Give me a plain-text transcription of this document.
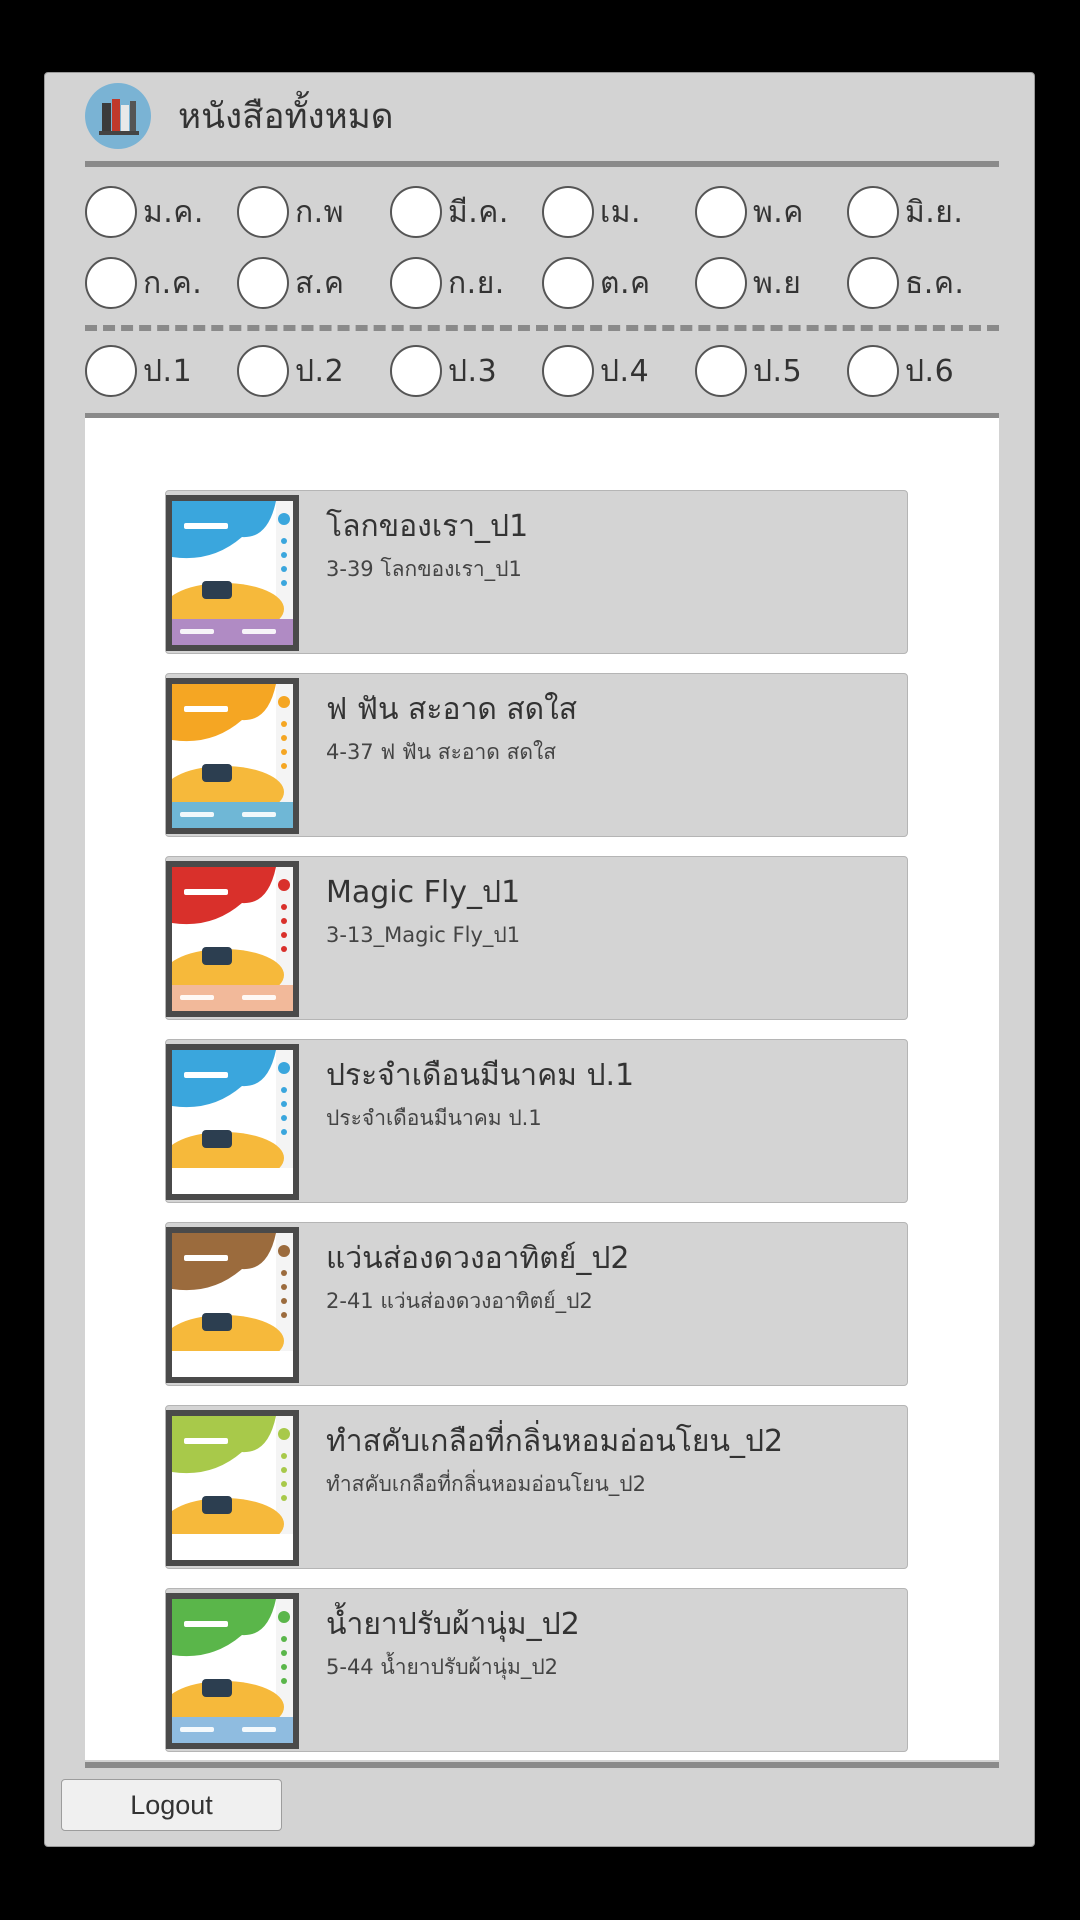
หนังสือทั้งหมด
ม.ค.	ก.พ	มี.ค.	เม.	พ.ค	มิ.ย.
ก.ค.	ส.ค	ก.ย.	ต.ค	พ.ย	ธ.ค.
ป.1	ป.2	ป.3	ป.4	ป.5	ป.6
โลกของเรา_ป1
3-39 โลกของเรา_ป1
ฟ ฟัน สะอาด สดใส
4-37 ฟ ฟัน สะอาด สดใส
Magic Fly_ป1
3-13_Magic Fly_ป1
ประจำเดือนมีนาคม ป.1
ประจำเดือนมีนาคม ป.1
แว่นส่องดวงอาทิตย์_ป2
2-41 แว่นส่องดวงอาทิตย์_ป2
ทำสคับเกลือที่กลิ่นหอมอ่อนโยน_ป2
ทำสคับเกลือที่กลิ่นหอมอ่อนโยน_ป2
น้ำยาปรับผ้านุ่ม_ป2
5-44 น้ำยาปรับผ้านุ่ม_ป2
Logout
